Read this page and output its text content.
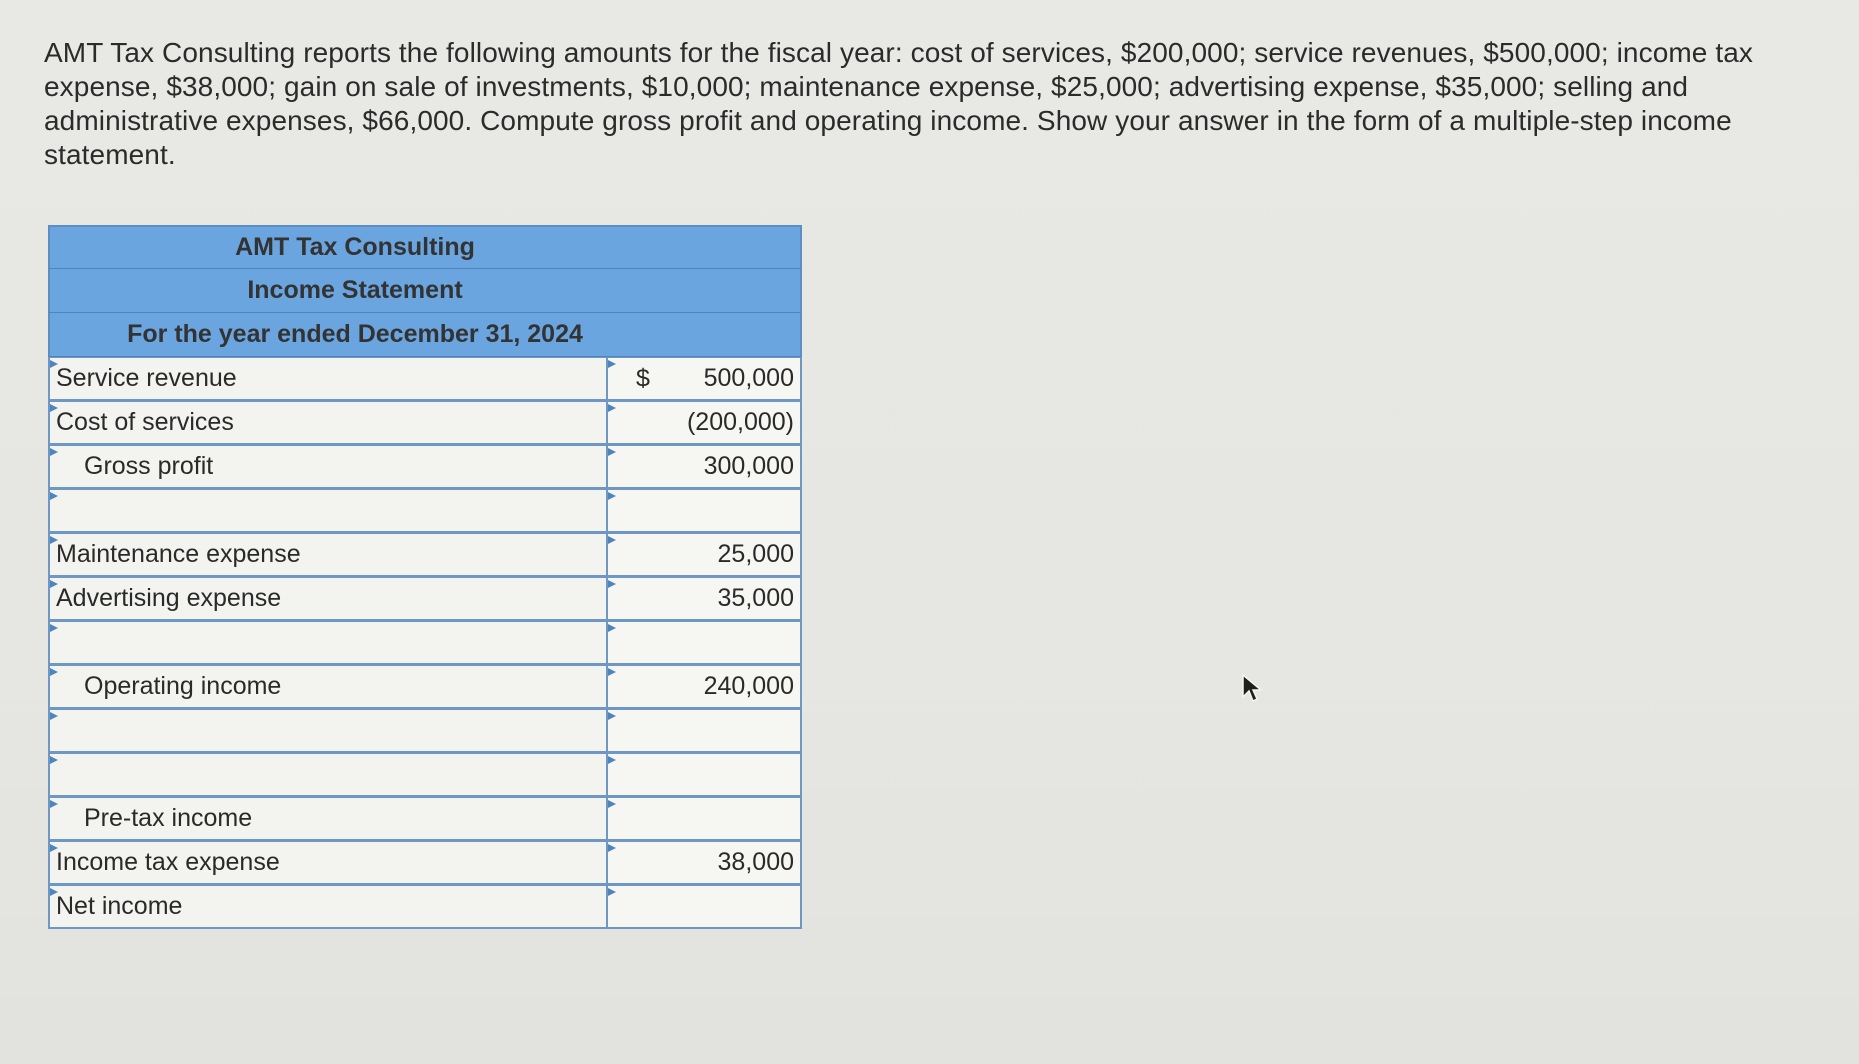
AMT Tax Consulting reports the following amounts for the fiscal year: cost of services, $200,000; service revenues, $500,000; income tax expense, $38,000; gain on sale of investments, $10,000; maintenance expense, $25,000; advertising expense, $35,000; selling and administrative expenses, $66,000. Compute gross profit and operating income. Show your answer in the form of a multiple-step income statement.

AMT Tax Consulting
Income Statement
For the year ended December 31, 2024
Service revenue	$ 500,000
Cost of services	(200,000)
Gross profit	300,000
Maintenance expense	25,000
Advertising expense	35,000
Operating income	240,000
Pre-tax income
Income tax expense	38,000
Net income
